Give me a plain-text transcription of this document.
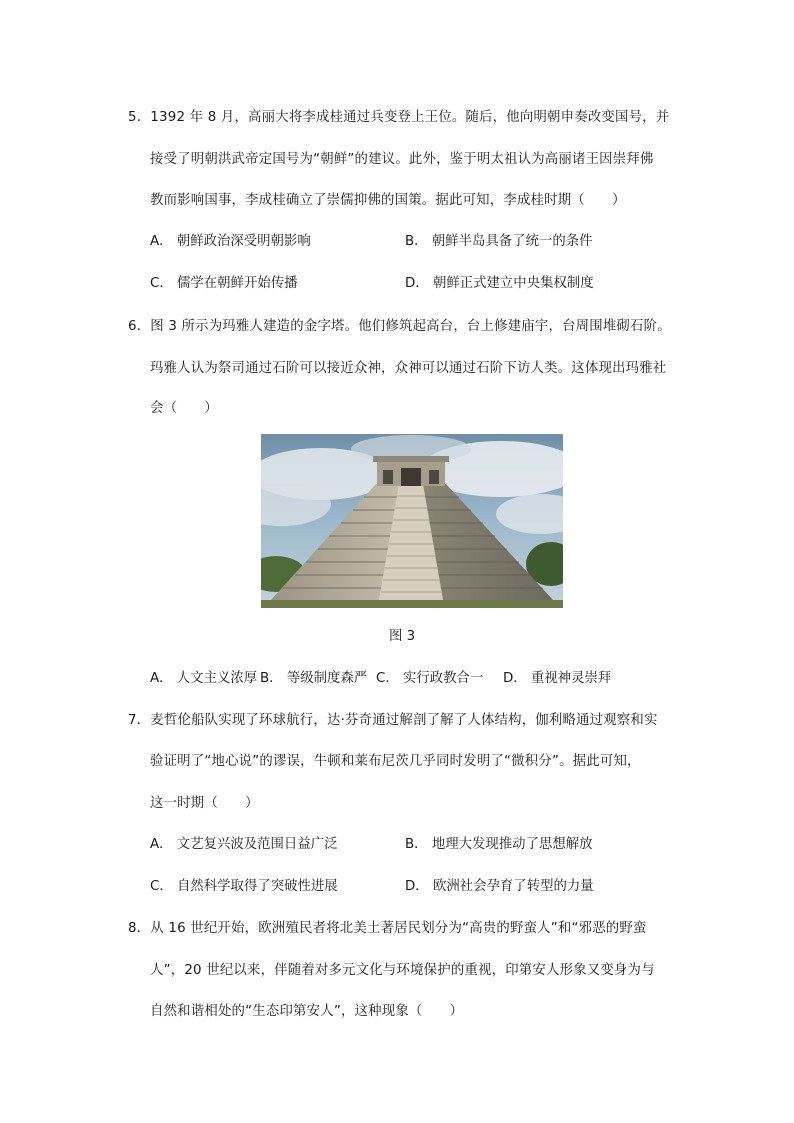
5．1392 年 8 月，高丽大将李成桂通过兵变登上王位。随后，他向明朝申奏改变国号，并
接受了明朝洪武帝定国号为“朝鲜”的建议。此外，鉴于明太祖认为高丽诸王因崇拜佛
教而影响国事，李成桂确立了崇儒抑佛的国策。据此可知，李成桂时期（　　）
A． 朝鲜政治深受明朝影响	B． 朝鲜半岛具备了统一的条件
C． 儒学在朝鲜开始传播	D． 朝鲜正式建立中央集权制度
6．图 3 所示为玛雅人建造的金字塔。他们修筑起高台，台上修建庙宇，台周围堆砌石阶。
玛雅人认为祭司通过石阶可以接近众神，众神可以通过石阶下访人类。这体现出玛雅社
会（　　）
图 3
A． 人文主义浓厚 B． 等级制度森严 C． 实行政教合一 D． 重视神灵崇拜
7．麦哲伦船队实现了环球航行，达·芬奇通过解剖了解了人体结构，伽利略通过观察和实
验证明了“地心说”的谬误，牛顿和莱布尼茨几乎同时发明了“微积分”。据此可知，
这一时期（　　）
A． 文艺复兴波及范围日益广泛	B． 地理大发现推动了思想解放
C． 自然科学取得了突破性进展	D． 欧洲社会孕育了转型的力量
8．从 16 世纪开始，欧洲殖民者将北美土著居民划分为“高贵的野蛮人”和“邪恶的野蛮
人”，20 世纪以来，伴随着对多元文化与环境保护的重视，印第安人形象又变身为与
自然和谐相处的“生态印第安人”，这种现象（　　）
